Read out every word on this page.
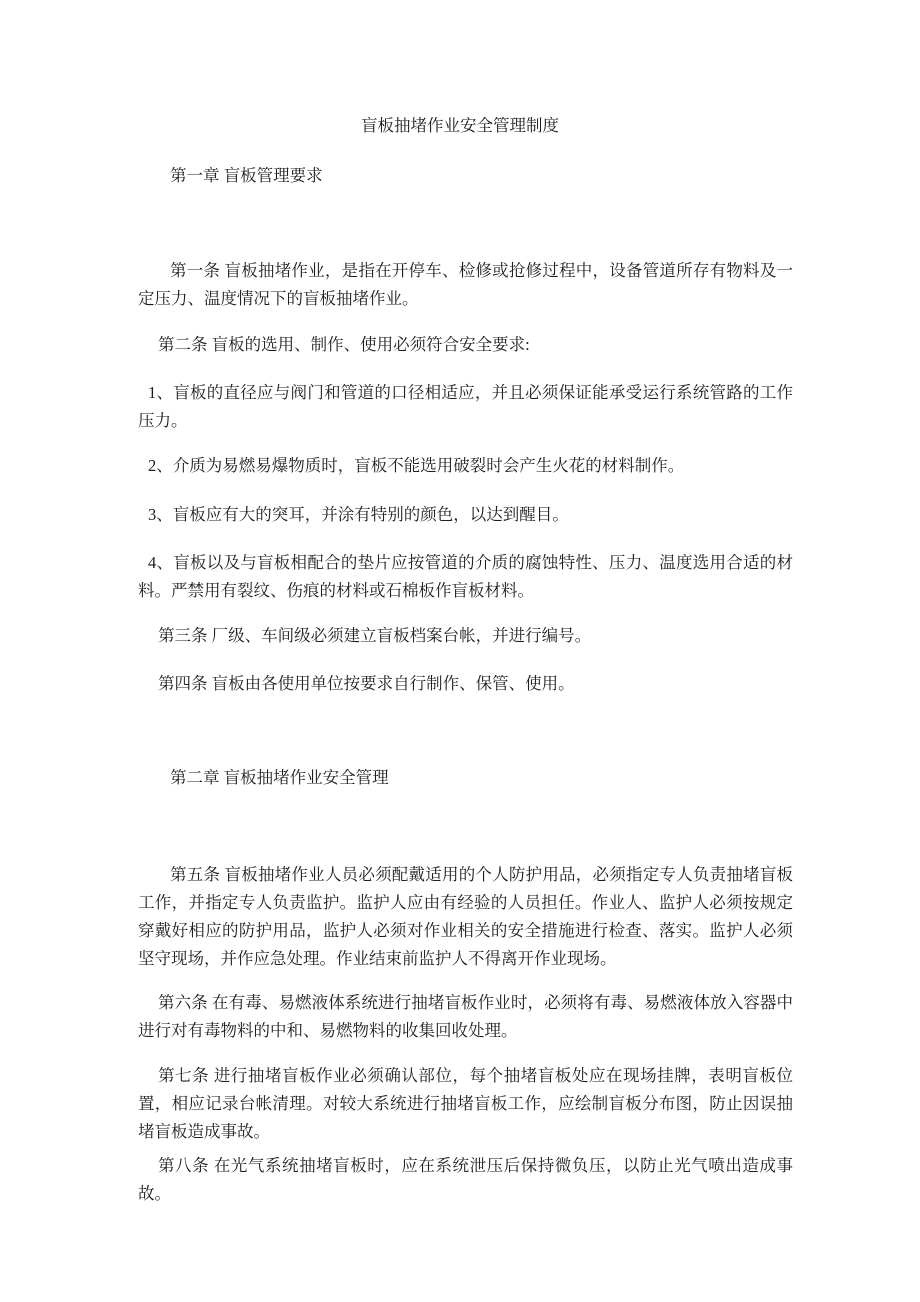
盲板抽堵作业安全管理制度
第一章 盲板管理要求

第一条 盲板抽堵作业，是指在开停车、检修或抢修过程中，设备管道所存有物料及一定压力、温度情况下的盲板抽堵作业。

第二条 盲板的选用、制作、使用必须符合安全要求:

1、盲板的直径应与阀门和管道的口径相适应，并且必须保证能承受运行系统管路的工作压力。

2、介质为易燃易爆物质时，盲板不能选用破裂时会产生火花的材料制作。

3、盲板应有大的突耳，并涂有特别的颜色，以达到醒目。

4、盲板以及与盲板相配合的垫片应按管道的介质的腐蚀特性、压力、温度选用合适的材料。严禁用有裂纹、伤痕的材料或石棉板作盲板材料。

第三条 厂级、车间级必须建立盲板档案台帐，并进行编号。

第四条 盲板由各使用单位按要求自行制作、保管、使用。

第二章 盲板抽堵作业安全管理

第五条 盲板抽堵作业人员必须配戴适用的个人防护用品，必须指定专人负责抽堵盲板工作，并指定专人负责监护。监护人应由有经验的人员担任。作业人、监护人必须按规定穿戴好相应的防护用品，监护人必须对作业相关的安全措施进行检查、落实。监护人必须坚守现场，并作应急处理。作业结束前监护人不得离开作业现场。

第六条 在有毒、易燃液体系统进行抽堵盲板作业时，必须将有毒、易燃液体放入容器中进行对有毒物料的中和、易燃物料的收集回收处理。

第七条 进行抽堵盲板作业必须确认部位，每个抽堵盲板处应在现场挂牌，表明盲板位置，相应记录台帐清理。对较大系统进行抽堵盲板工作，应绘制盲板分布图，防止因误抽堵盲板造成事故。

第八条 在光气系统抽堵盲板时，应在系统泄压后保持微负压，以防止光气喷出造成事故。
